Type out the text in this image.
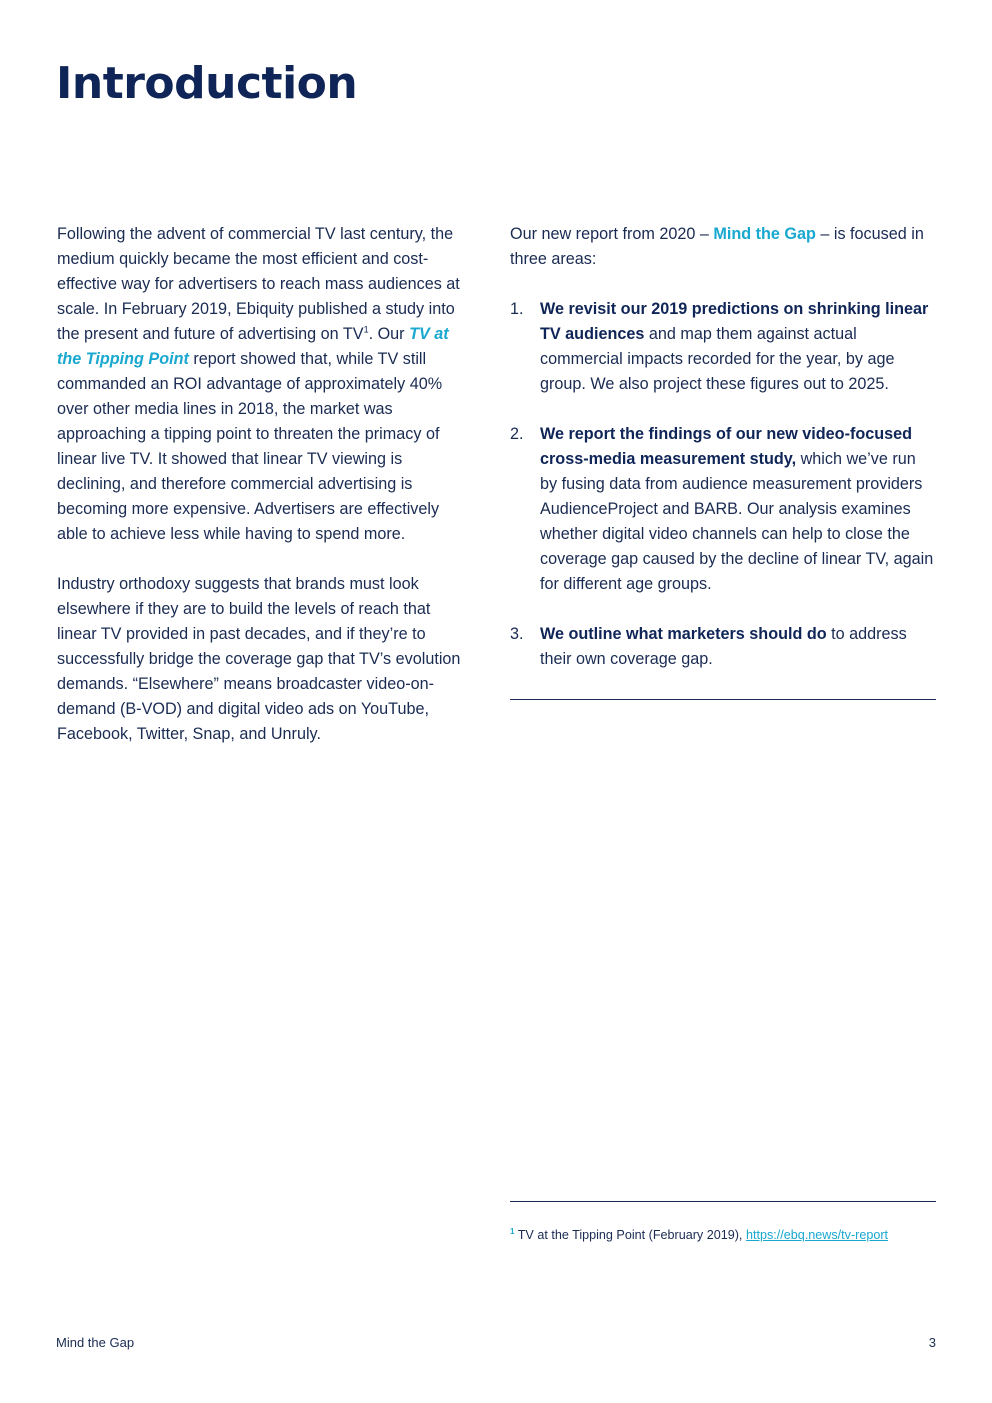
Introduction

Following the advent of commercial TV last century, the medium quickly became the most efficient and cost-effective way for advertisers to reach mass audiences at scale. In February 2019, Ebiquity published a study into the present and future of advertising on $TV^1$. Our TV at the Tipping Point report showed that, while TV still commanded an ROI advantage of approximately 40% over other media lines in 2018, the market was approaching a tipping point to threaten the primacy of linear live TV. It showed that linear TV viewing is declining, and therefore commercial advertising is becoming more expensive. Advertisers are effectively able to achieve less while having to spend more.

Industry orthodoxy suggests that brands must look elsewhere if they are to build the levels of reach that linear TV provided in past decades, and if they’re to successfully bridge the coverage gap that TV’s evolution demands. “Elsewhere” means broadcaster video-on-demand (B-VOD) and digital video ads on YouTube, Facebook, Twitter, Snap, and Unruly.

Our new report from 2020 – Mind the Gap – is focused in three areas:

1. We revisit our 2019 predictions on shrinking linear TV audiences and map them against actual commercial impacts recorded for the year, by age group. We also project these figures out to 2025.
2. We report the findings of our new video-focused cross-media measurement study, which we’ve run by fusing data from audience measurement providers AudienceProject and BARB. Our analysis examines whether digital video channels can help to close the coverage gap caused by the decline of linear TV, again for different age groups.
3. We outline what marketers should do to address their own coverage gap.
$^1$ TV at the Tipping Point (February 2019), https://ebq.news/tv-report
Mind the Gap	3
